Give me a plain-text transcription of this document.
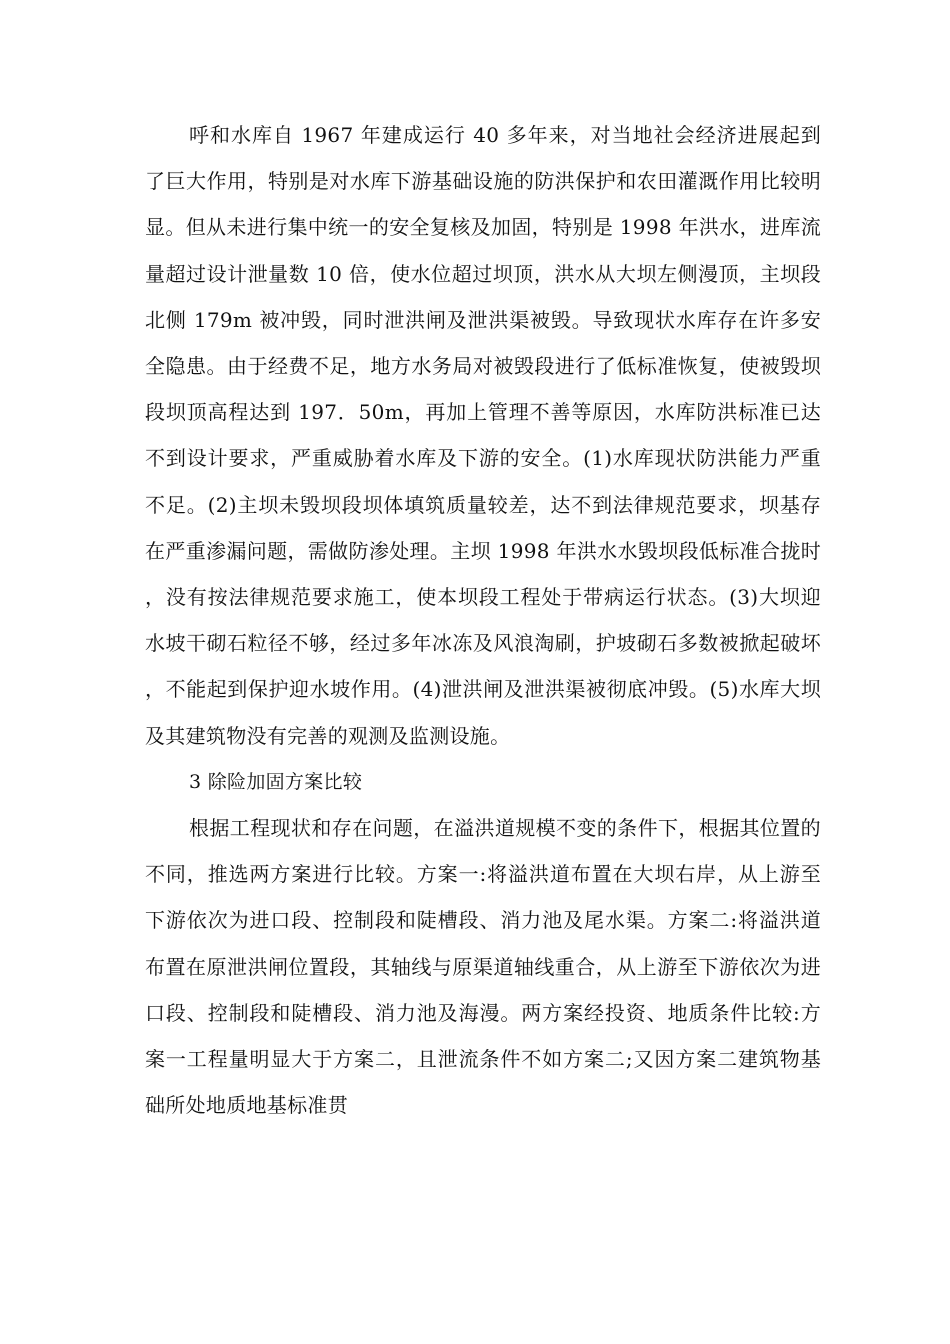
呼和水库自 1967 年建成运行 40 多年来，对当地社会经济进展起到了巨大作用，特别是对水库下游基础设施的防洪保护和农田灌溉作用比较明显。但从未进行集中统一的安全复核及加固，特别是 1998 年洪水，进库流量超过设计泄量数 10 倍，使水位超过坝顶，洪水从大坝左侧漫顶，主坝段北侧 179m 被冲毁，同时泄洪闸及泄洪渠被毁。导致现状水库存在许多安全隐患。由于经费不足，地方水务局对被毁段进行了低标准恢复，使被毁坝段坝顶高程达到 197．50m，再加上管理不善等原因，水库防洪标准已达不到设计要求，严重威胁着水库及下游的安全。(1)水库现状防洪能力严重不足。(2)主坝未毁坝段坝体填筑质量较差，达不到法律规范要求，坝基存在严重渗漏问题，需做防渗处理。主坝 1998 年洪水水毁坝段低标准合拢时，没有按法律规范要求施工，使本坝段工程处于带病运行状态。(3)大坝迎水坡干砌石粒径不够，经过多年冰冻及风浪淘刷，护坡砌石多数被掀起破坏，不能起到保护迎水坡作用。(4)泄洪闸及泄洪渠被彻底冲毁。(5)水库大坝及其建筑物没有完善的观测及监测设施。

3 除险加固方案比较

根据工程现状和存在问题，在溢洪道规模不变的条件下，根据其位置的不同，推选两方案进行比较。方案一:将溢洪道布置在大坝右岸，从上游至下游依次为进口段、控制段和陡槽段、消力池及尾水渠。方案二:将溢洪道布置在原泄洪闸位置段，其轴线与原渠道轴线重合，从上游至下游依次为进口段、控制段和陡槽段、消力池及海漫。两方案经投资、地质条件比较:方案一工程量明显大于方案二，且泄流条件不如方案二;又因方案二建筑物基础所处地质地基标准贯
